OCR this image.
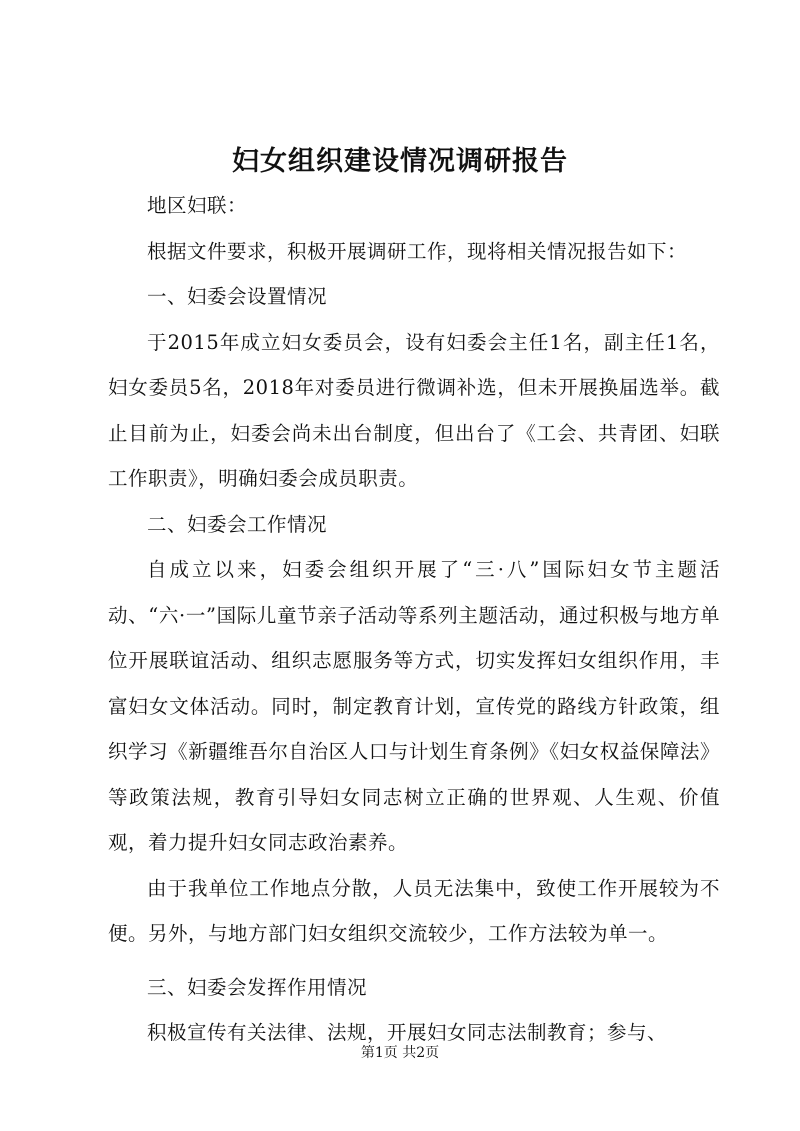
妇女组织建设情况调研报告

地区妇联：

根据文件要求，积极开展调研工作，现将相关情况报告如下：

一、妇委会设置情况

于2015年成立妇女委员会，设有妇委会主任1名，副主任1名，妇女委员5名，2018年对委员进行微调补选，但未开展换届选举。截止目前为止，妇委会尚未出台制度，但出台了《工会、共青团、妇联工作职责》，明确妇委会成员职责。

二、妇委会工作情况

自成立以来，妇委会组织开展了“三·八”国际妇女节主题活动、“六·一”国际儿童节亲子活动等系列主题活动，通过积极与地方单位开展联谊活动、组织志愿服务等方式，切实发挥妇女组织作用，丰富妇女文体活动。同时，制定教育计划，宣传党的路线方针政策，组织学习《新疆维吾尔自治区人口与计划生育条例》《妇女权益保障法》等政策法规，教育引导妇女同志树立正确的世界观、人生观、价值观，着力提升妇女同志政治素养。

由于我单位工作地点分散，人员无法集中，致使工作开展较为不便。另外，与地方部门妇女组织交流较少，工作方法较为单一。

三、妇委会发挥作用情况

积极宣传有关法律、法规，开展妇女同志法制教育；参与、

第1页 共2页
